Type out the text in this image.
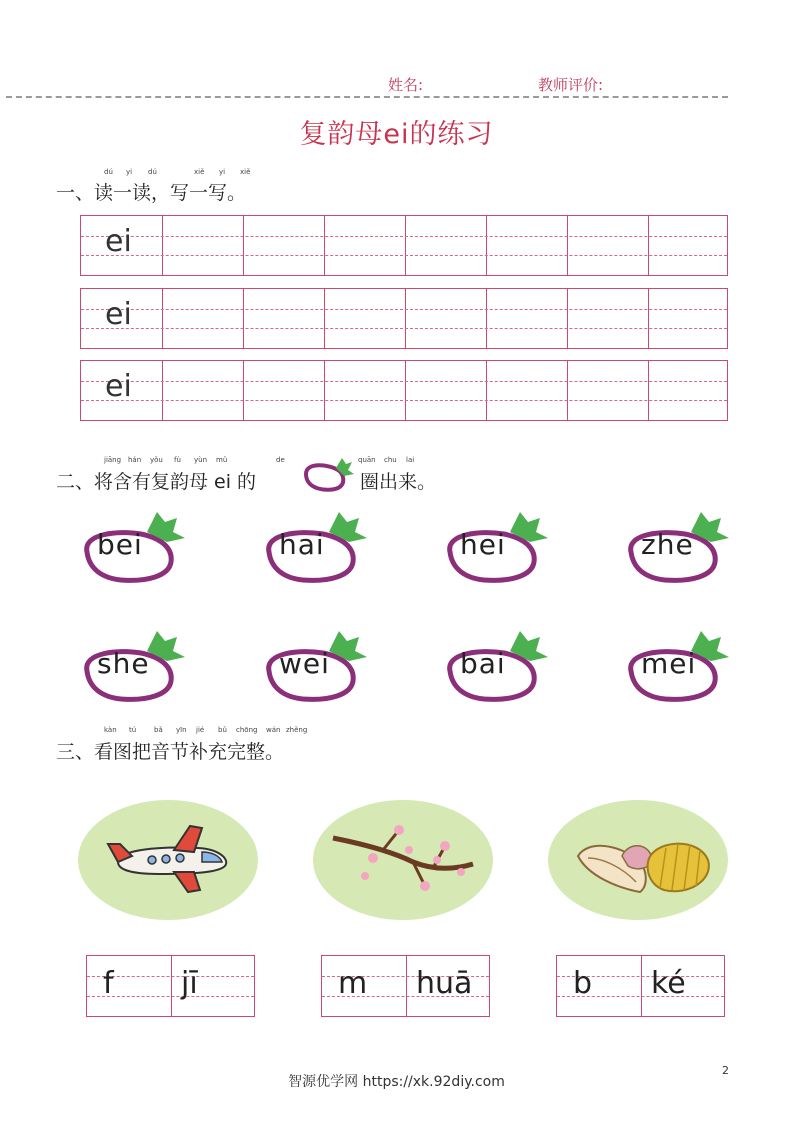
姓名:	教师评价:
复韵母ei的练习
dú yi dú	xiě yi xiě
一、读一读，写一写。
ei
ei
ei
jiāng hán yǒu fù yùn mǔ	de	quān chu lai
二、将含有复韵母 ei 的	圈出来。
bei	hai	hei	zhe
she	wei	bai	mei
kàn tú	bǎ yīn jié bǔ chōng wán zhěng
三、看图把音节补充完整。
f jī	m huā	b ké
智源优学网 https://xk.92diy.com
2
